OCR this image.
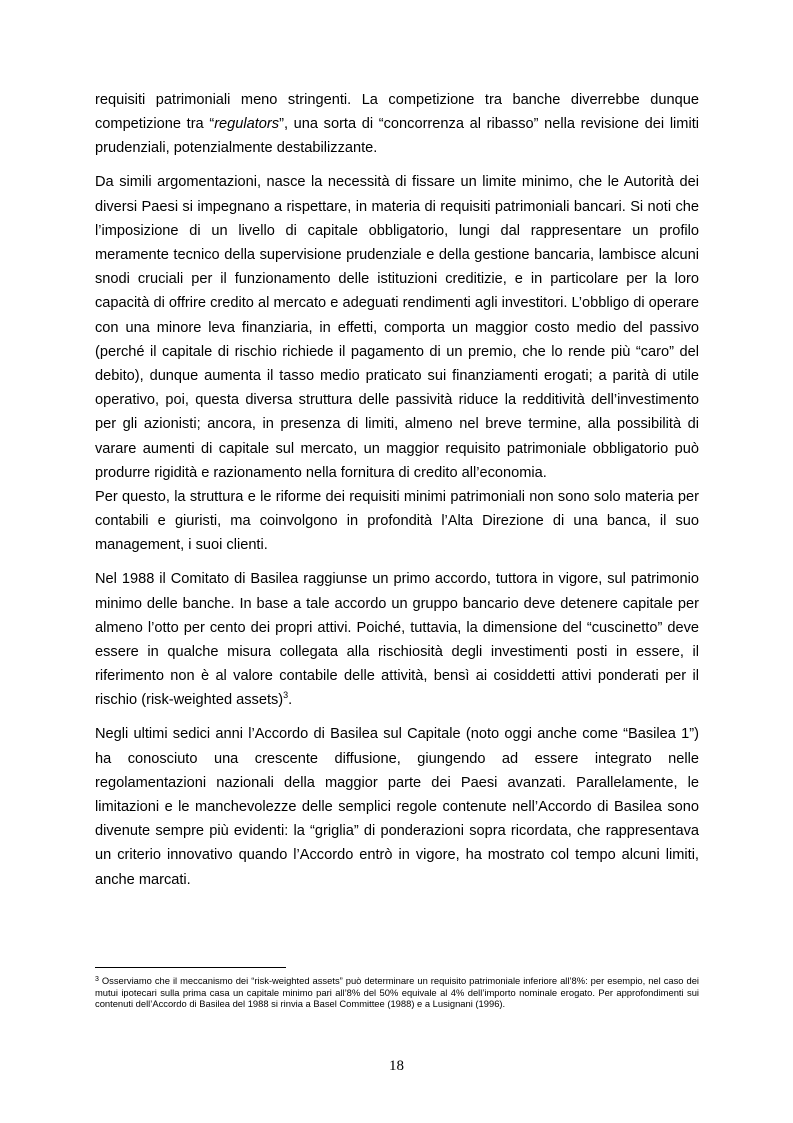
requisiti patrimoniali meno stringenti. La competizione tra banche diverrebbe dunque competizione tra “regulators”, una sorta di “concorrenza al ribasso” nella revisione dei limiti prudenziali, potenzialmente destabilizzante.

Da simili argomentazioni, nasce la necessità di fissare un limite minimo, che le Autorità dei diversi Paesi si impegnano a rispettare, in materia di requisiti patrimoniali bancari. Si noti che l’imposizione di un livello di capitale obbligatorio, lungi dal rappresentare un profilo meramente tecnico della supervisione prudenziale e della gestione bancaria, lambisce alcuni snodi cruciali per il funzionamento delle istituzioni creditizie, e in particolare per la loro capacità di offrire credito al mercato e adeguati rendimenti agli investitori. L’obbligo di operare con una minore leva finanziaria, in effetti, comporta un maggior costo medio del passivo (perché il capitale di rischio richiede il pagamento di un premio, che lo rende più “caro” del debito), dunque aumenta il tasso medio praticato sui finanziamenti erogati; a parità di utile operativo, poi, questa diversa struttura delle passività riduce la redditività dell’investimento per gli azionisti; ancora, in presenza di limiti, almeno nel breve termine, alla possibilità di varare aumenti di capitale sul mercato, un maggior requisito patrimoniale obbligatorio può produrre rigidità e razionamento nella fornitura di credito all’economia.

Per questo, la struttura e le riforme dei requisiti minimi patrimoniali non sono solo materia per contabili e giuristi, ma coinvolgono in profondità l’Alta Direzione di una banca, il suo management, i suoi clienti.

Nel 1988 il Comitato di Basilea raggiunse un primo accordo, tuttora in vigore, sul patrimonio minimo delle banche. In base a tale accordo un gruppo bancario deve detenere capitale per almeno l’otto per cento dei propri attivi. Poiché, tuttavia, la dimensione del “cuscinetto” deve essere in qualche misura collegata alla rischiosità degli investimenti posti in essere, il riferimento non è al valore contabile delle attività, bensì ai cosiddetti attivi ponderati per il rischio (risk-weighted assets)$^3$.

Negli ultimi sedici anni l’Accordo di Basilea sul Capitale (noto oggi anche come “Basilea 1”) ha conosciuto una crescente diffusione, giungendo ad essere integrato nelle regolamentazioni nazionali della maggior parte dei Paesi avanzati. Parallelamente, le limitazioni e le manchevolezze delle semplici regole contenute nell’Accordo di Basilea sono divenute sempre più evidenti: la “griglia” di ponderazioni sopra ricordata, che rappresentava un criterio innovativo quando l’Accordo entrò in vigore, ha mostrato col tempo alcuni limiti, anche marcati.

$^3$ Osserviamo che il meccanismo dei “risk-weighted assets” può determinare un requisito patrimoniale inferiore all’8%: per esempio, nel caso dei mutui ipotecari sulla prima casa un capitale minimo pari all’8% del 50% equivale al 4% dell’importo nominale erogato. Per approfondimenti sui contenuti dell’Accordo di Basilea del 1988 si rinvia a Basel Committee (1988) e a Lusignani (1996).

18
